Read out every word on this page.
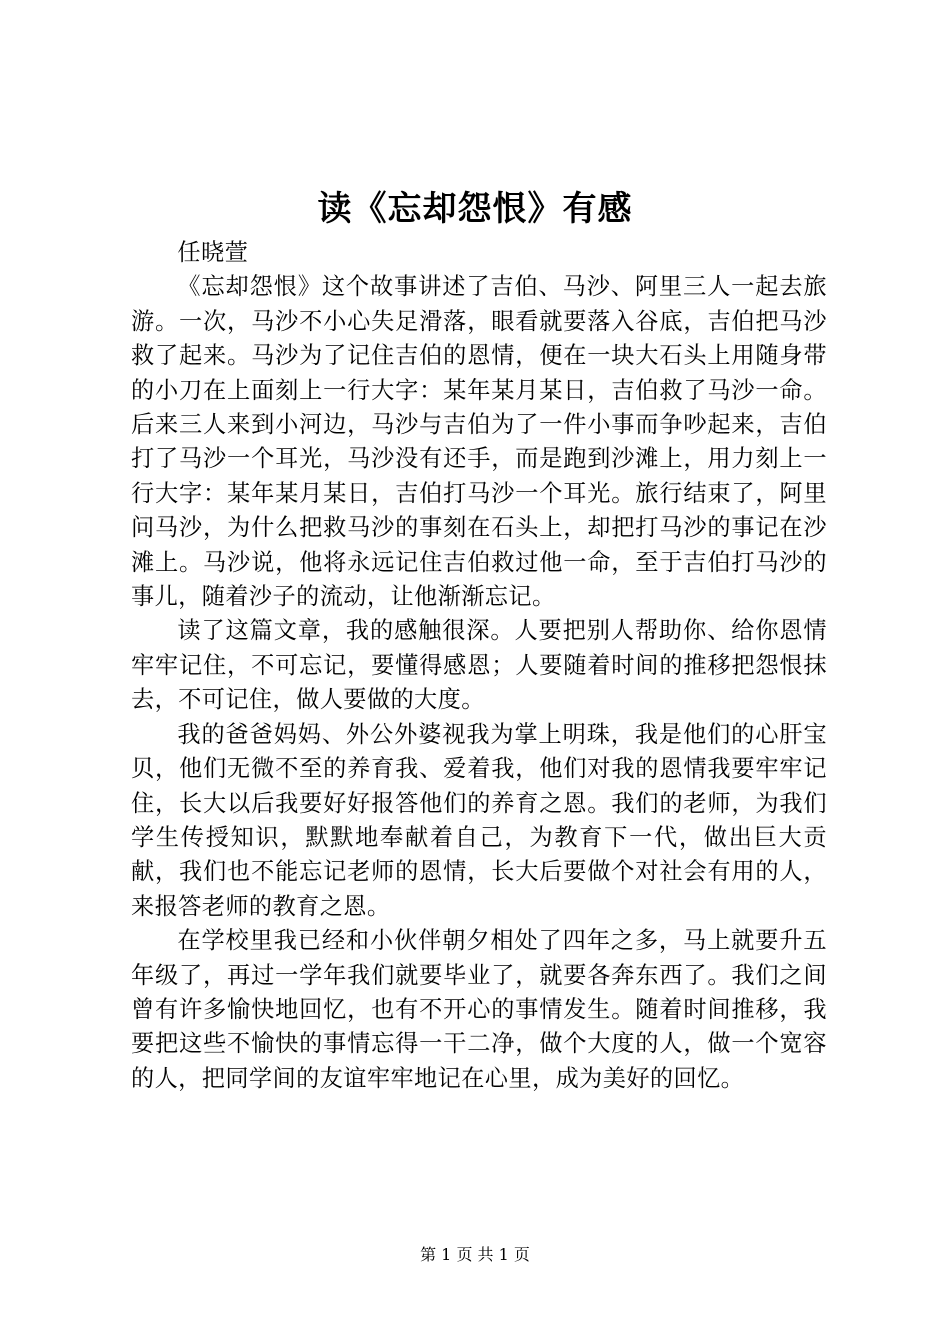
读《忘却怨恨》有感

任晓萱

《忘却怨恨》这个故事讲述了吉伯、马沙、阿里三人一起去旅游。一次，马沙不小心失足滑落，眼看就要落入谷底，吉伯把马沙救了起来。马沙为了记住吉伯的恩情，便在一块大石头上用随身带的小刀在上面刻上一行大字：某年某月某日，吉伯救了马沙一命。后来三人来到小河边，马沙与吉伯为了一件小事而争吵起来，吉伯打了马沙一个耳光，马沙没有还手，而是跑到沙滩上，用力刻上一行大字：某年某月某日，吉伯打马沙一个耳光。旅行结束了，阿里问马沙，为什么把救马沙的事刻在石头上，却把打马沙的事记在沙滩上。马沙说，他将永远记住吉伯救过他一命，至于吉伯打马沙的事儿，随着沙子的流动，让他渐渐忘记。

读了这篇文章，我的感触很深。人要把别人帮助你、给你恩情牢牢记住，不可忘记，要懂得感恩；人要随着时间的推移把怨恨抹去，不可记住，做人要做的大度。

我的爸爸妈妈、外公外婆视我为掌上明珠，我是他们的心肝宝贝，他们无微不至的养育我、爱着我，他们对我的恩情我要牢牢记住，长大以后我要好好报答他们的养育之恩。我们的老师，为我们学生传授知识，默默地奉献着自己，为教育下一代，做出巨大贡献，我们也不能忘记老师的恩情，长大后要做个对社会有用的人，来报答老师的教育之恩。

在学校里我已经和小伙伴朝夕相处了四年之多，马上就要升五年级了，再过一学年我们就要毕业了，就要各奔东西了。我们之间曾有许多愉快地回忆，也有不开心的事情发生。随着时间推移，我要把这些不愉快的事情忘得一干二净，做个大度的人，做一个宽容的人，把同学间的友谊牢牢地记在心里，成为美好的回忆。

第 1 页 共 1 页
